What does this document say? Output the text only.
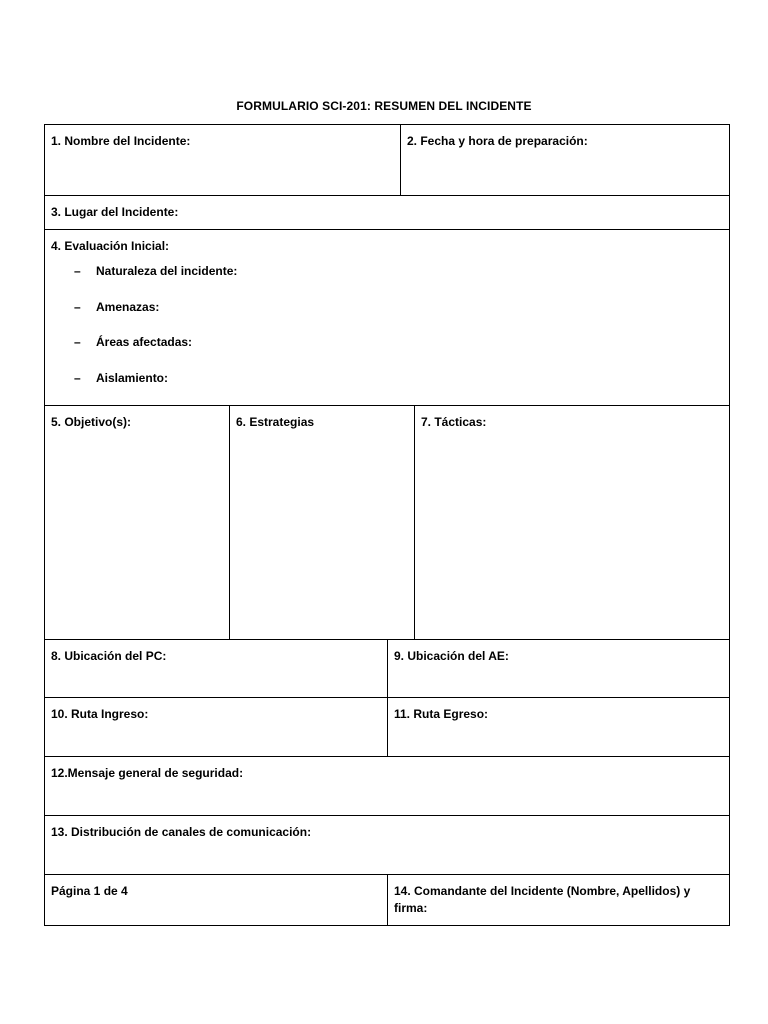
FORMULARIO SCI-201: RESUMEN DEL INCIDENTE
1. Nombre del Incidente:	2. Fecha y hora de preparación:
3. Lugar del Incidente:
4. Evaluación Inicial:
– Naturaleza del incidente:
– Amenazas:
– Áreas afectadas:
– Aislamiento:
5. Objetivo(s):	6. Estrategias	7. Tácticas:
8. Ubicación del PC:	9. Ubicación del AE:
10. Ruta Ingreso:	11. Ruta Egreso:
12.Mensaje general de seguridad:
13. Distribución de canales de comunicación:
Página 1 de 4	14. Comandante del Incidente (Nombre, Apellidos) y firma:
